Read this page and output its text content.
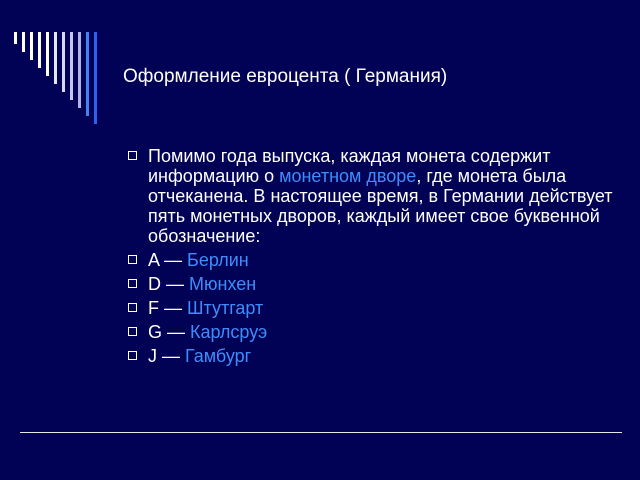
Оформление евроцента ( Германия)
Помимо года выпуска, каждая монета содержит информацию о монетном дворе, где монета была отчеканена. В настоящее время, в Германии действует пять монетных дворов, каждый имеет свое буквенной обозначение:
A — Берлин
D — Мюнхен
F — Штутгарт
G — Карлсруэ
J — Гамбург
